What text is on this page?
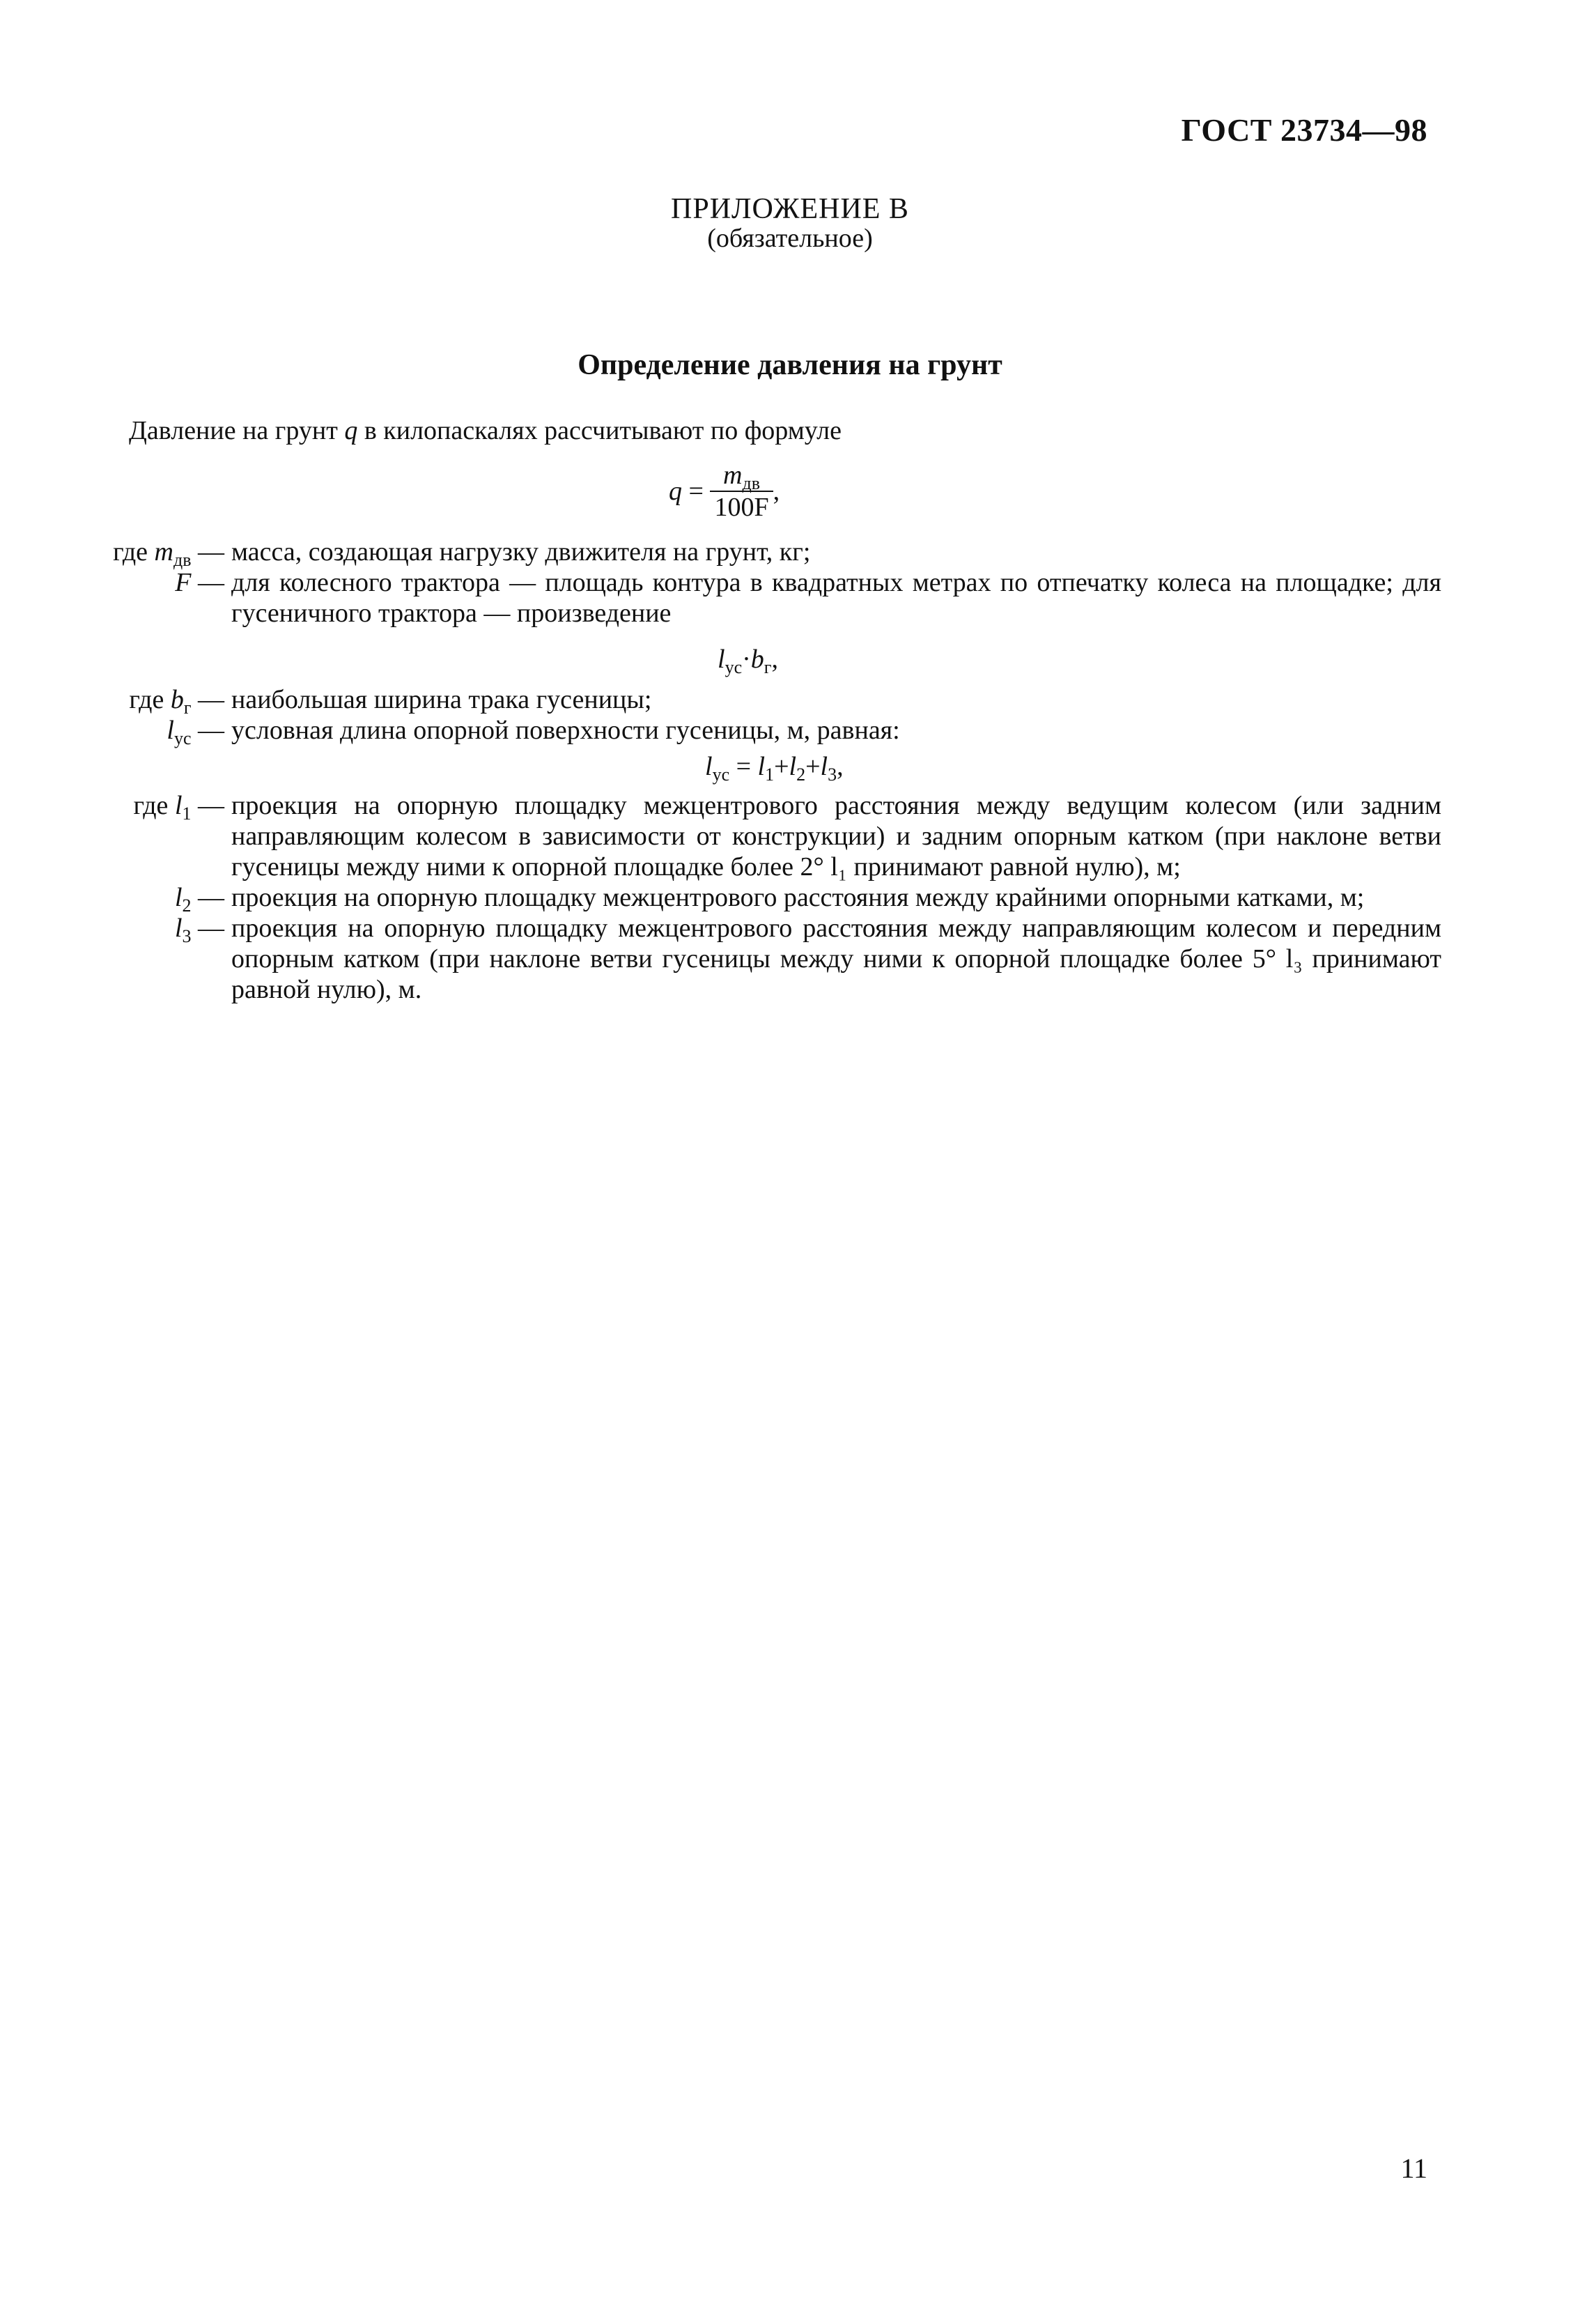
ГОСТ 23734—98
ПРИЛОЖЕНИЕ В
(обязательное)
Определение давления на грунт
Давление на грунт q в килопаскалях рассчитывают по формуле
$q = \frac{m_{дв}}{100F}$ ,
где $m_{дв}$ — масса, создающая нагрузку движителя на грунт, кг;
F — для колесного трактора — площадь контура в квадратных метрах по отпечатку колеса на площадке; для гусеничного трактора — произведение
$l_{ус}\cdot b_г$,
где $b_г$ — наибольшая ширина трака гусеницы;
$l_{ус}$ — условная длина опорной поверхности гусеницы, м, равная:
$l_{ус} = l_1+l_2+l_3$,
где $l_1$ — проекция на опорную площадку межцентрового расстояния между ведущим колесом (или задним направляющим колесом в зависимости от конструкции) и задним опорным катком (при наклоне ветви гусеницы между ними к опорной площадке более 2° l₁ принимают равной нулю), м;
$l_2$ — проекция на опорную площадку межцентрового расстояния между крайними опорными катками, м;
$l_3$ — проекция на опорную площадку межцентрового расстояния между направляющим колесом и передним опорным катком (при наклоне ветви гусеницы между ними к опорной площадке более 5° l₃ принимают равной нулю), м.
11
